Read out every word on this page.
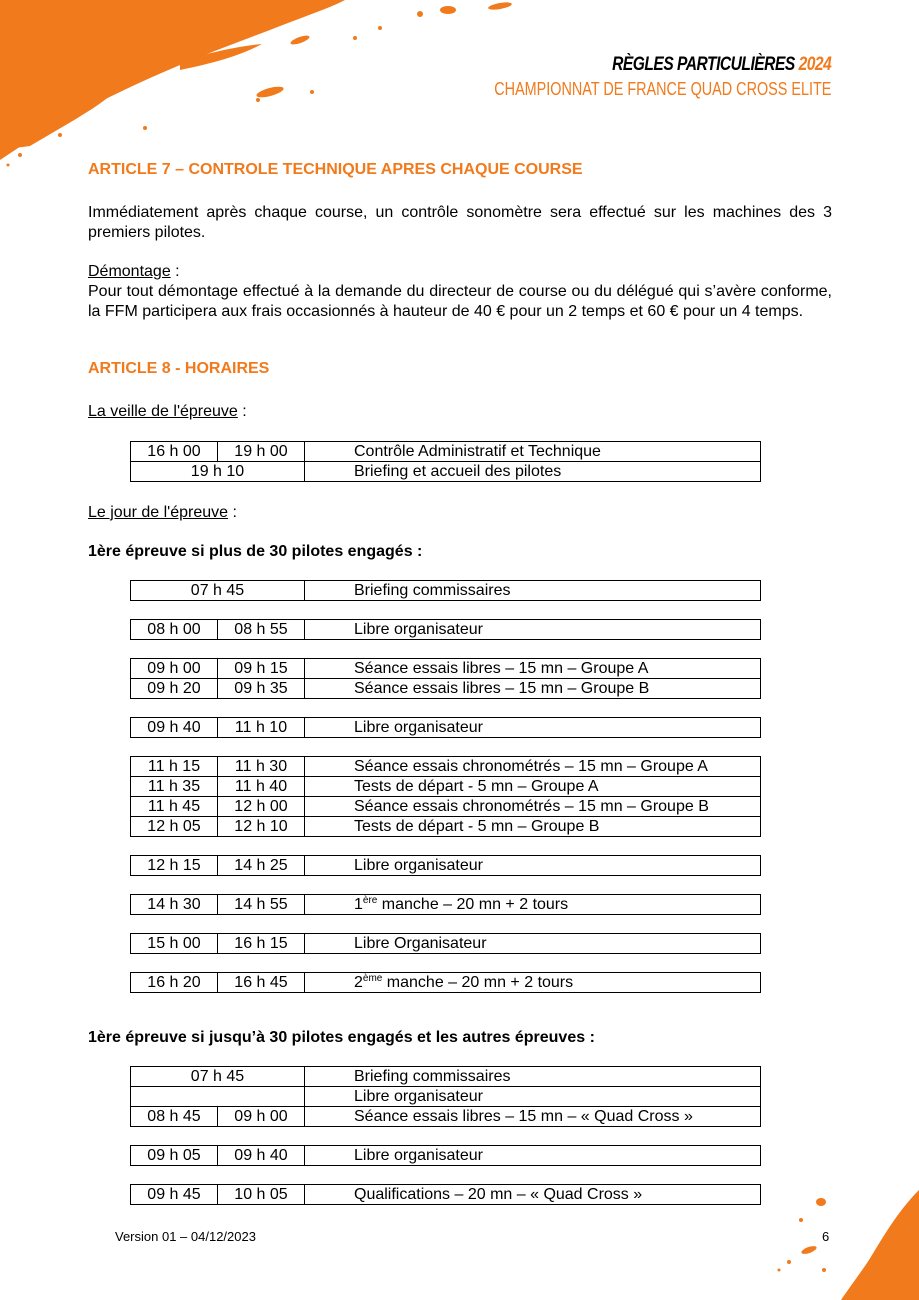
RÈGLES PARTICULIÈRES 2024
CHAMPIONNAT DE FRANCE QUAD CROSS ELITE
ARTICLE 7 – CONTROLE TECHNIQUE APRES CHAQUE COURSE
Immédiatement après chaque course, un contrôle sonomètre sera effectué sur les machines des 3 premiers pilotes.
Démontage :
Pour tout démontage effectué à la demande du directeur de course ou du délégué qui s’avère conforme, la FFM participera aux frais occasionnés à hauteur de 40 € pour un 2 temps et 60 € pour un 4 temps.
ARTICLE 8 - HORAIRES
La veille de l'épreuve :
16 h 00	19 h 00	Contrôle Administratif et Technique
19 h 10		Briefing et accueil des pilotes
Le jour de l'épreuve :
1ère épreuve si plus de 30 pilotes engagés :
07 h 45		Briefing commissaires

08 h 00	08 h 55	Libre organisateur

09 h 00	09 h 15	Séance essais libres – 15 mn – Groupe A
09 h 20	09 h 35	Séance essais libres – 15 mn – Groupe B

09 h 40	11 h 10	Libre organisateur

11 h 15	11 h 30	Séance essais chronométrés – 15 mn – Groupe A
11 h 35	11 h 40	Tests de départ - 5 mn – Groupe A
11 h 45	12 h 00	Séance essais chronométrés – 15 mn – Groupe B
12 h 05	12 h 10	Tests de départ - 5 mn – Groupe B

12 h 15	14 h 25	Libre organisateur

14 h 30	14 h 55	1ère manche – 20 mn + 2 tours

15 h 00	16 h 15	Libre Organisateur

16 h 20	16 h 45	2ème manche – 20 mn + 2 tours
1ère épreuve si jusqu’à 30 pilotes engagés et les autres épreuves :
07 h 45		Briefing commissaires
		Libre organisateur
08 h 45	09 h 00	Séance essais libres – 15 mn – « Quad Cross »

09 h 05	09 h 40	Libre organisateur

09 h 45	10 h 05	Qualifications – 20 mn – « Quad Cross »
Version 01 – 04/12/2023	6
